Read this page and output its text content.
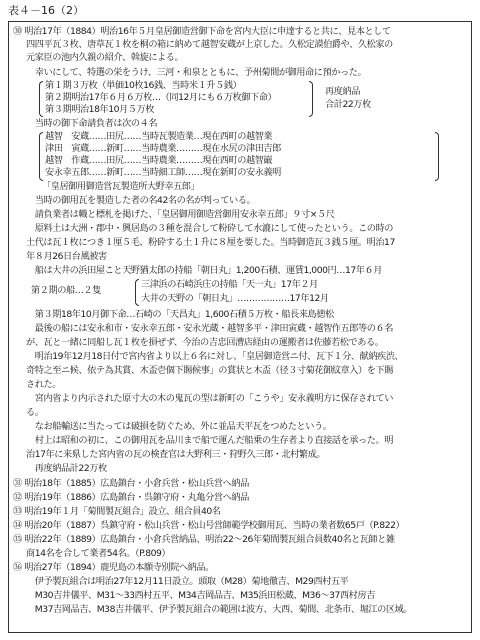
表４－16（2）
㉚ 明治17年（1884）明治16年５月皇居御造営御下命を宮内大臣に申達すると共に、見本として
四四平瓦３枚、唐草瓦１枚を桐の箱に納めて越智安蔵が上京した。久松定謨伯爵や、久松家の
元家臣の池内久親の紹介、斡旋による。
　幸いにして、特選の栄をうけ、三河・和泉とともに、予州菊間が御用命に預かった。
第１期３万枚（単価10枚16銭、当時米１升５銭）
第２期明治17年６月６万枚…（同12月にも６万枚御下命）
第３期明治18年10月５万枚
再度納品
合計22万枚
　当時の御下命請負者は次の４名
越智　安蔵……田尻……当時瓦製造業…現在西町の越智業
津田　寅蔵……新町……当時農業………現在水尻の津田吉郎
越智　作蔵……田尻……当時農業………現在西町の越智巌
安永幸五郎……新町……当時細工師……現在新町の安永義明
「皇居御用御造営瓦製造所大野幸五郎」
　当時の御用瓦を製造した者の名42名の名が判っている。
　請負業者は幟と標札を掲げた、「皇居御用御造営御用安永幸五郎」９寸×５尺
　原料土は大洲・郡中・興居島の３種を混合して粉砕して水漉にして使ったという。この時の
土代は瓦１枚につき１厘５毛、粉砕する土１升に８厘を要した。当時御造瓦３銭５厘。明治17
年８月26日台風被害
　船は大井の浜田屋こと天野猶太郎の持船「朝日丸」1,200石積、運賃1,000円…17年６月
第２期の船…２隻
三津浜の石崎浜庄の持船「天一丸」17年２月
大井の天野の「朝日丸」………………17年12月
　第３期18年10月御下命…石崎の「天昌丸」1,600石積５万枚・船長来島徳松
　最後の船には安永和市・安永幸五郎・安永光蔵・越智多平・津田寅蔵・越智作五郎等の６名
が、瓦と一緒に同船し瓦１枚を損ぜず、今治の吉忠回漕店経由の運搬者は佐藤若松である。
　明治19年12月18日付で宮内省より以上６名に対し、「皇居御造営ニ付、瓦下１分、献納疾渋、
奇特之至ニ候、依テ為其賞、木盃壱個下賜候事」の賞状と木盃（径３寸菊花御紋章入）を下賜
された。
　宮内省より内示された原寸大の木の鬼瓦の型は新町の「こうや」安永義明方に保存されてい
る。
　なお船輸送に当たっては破損を防ぐため、外に並品天平瓦をつめたという。
　村上は昭和の初に、この御用瓦を品川まで船で運んだ船乗の生存者より直接話を承った。明
治17年に来県した宮内省の瓦の検査官は大野利三・狩野久三郎・北村繁成。
　再度納品計22万枚
㉛ 明治18年（1885）広島鎮台・小倉兵営・松山兵営へ納品
㉜ 明治19年（1886）広島鎮台・呉鎮守府・丸亀分営へ納品
㉝ 明治19年１月「菊間製瓦組合」設立、組合員40名
㉞ 明治20年（1887）呉鎮守府・松山兵営・松山号営師範学校御用瓦、当時の業者数65戸（P.822）
㉟ 明治22年（1889）広島鎮台・小倉兵営納品、明治22～26年菊間製瓦組合員数40名と瓦師と雑
商14名を合して業者54名。（P.809）
㊱ 明治27年（1894）鹿児島の本願寺別院へ納品。
　伊予製瓦組合は明治27年12月11日設立。頭取（M28）菊地徹吉、M29西村五平
　M30吉井儀平、M31～33西村五平、M34吉岡品吉、M35浜田松蔵、M36～37西村房吉
　M37吉岡品吉、M38吉井儀平、伊予製瓦組合の範囲は波方、大西、菊間、北条市、堀江の区域。
